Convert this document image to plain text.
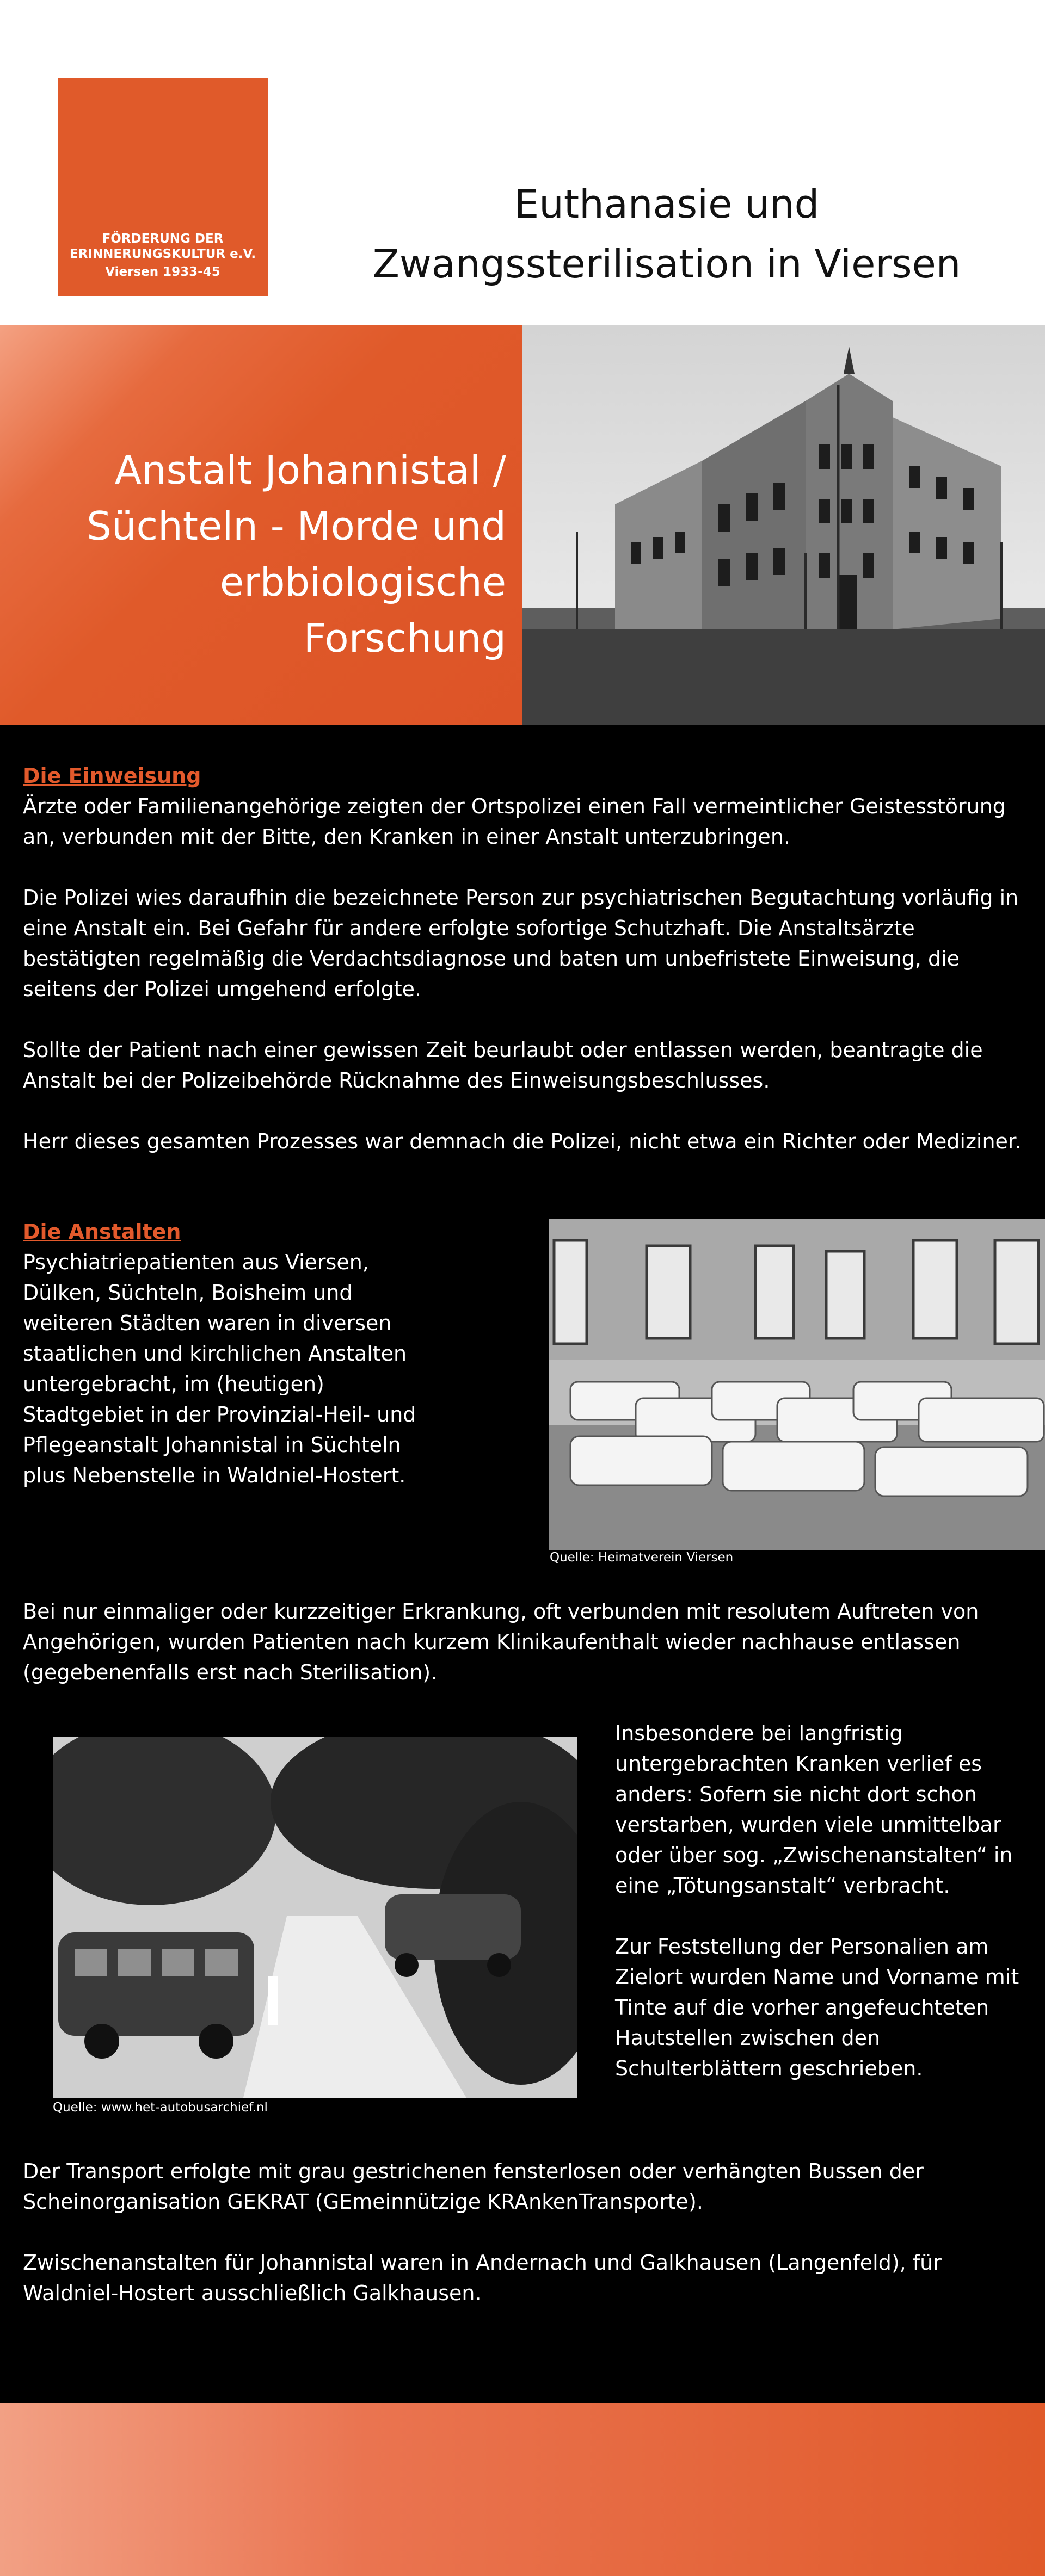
FÖRDERUNG DER
ERINNERUNGSKULTUR e.V.
Viersen 1933-45
Euthanasie und
Zwangssterilisation in Viersen
Anstalt Johannistal /
Süchteln - Morde und
erbbiologische
Forschung

Die Einweisung

Ärzte oder Familienangehörige zeigten der Ortspolizei einen Fall vermeintlicher Geistesstörung an, verbunden mit der Bitte, den Kranken in einer Anstalt unterzubringen.

Die Polizei wies daraufhin die bezeichnete Person zur psychiatrischen Begutachtung vorläufig in eine Anstalt ein. Bei Gefahr für andere erfolgte sofortige Schutzhaft. Die Anstaltsärzte bestätigten regelmäßig die Verdachtsdiagnose und baten um unbefristete Einweisung, die seitens der Polizei umgehend erfolgte.

Sollte der Patient nach einer gewissen Zeit beurlaubt oder entlassen werden, beantragte die Anstalt bei der Polizeibehörde Rücknahme des Einweisungsbeschlusses.

Herr dieses gesamten Prozesses war demnach die Polizei, nicht etwa ein Richter oder Mediziner.

Die Anstalten

Psychiatriepatienten aus Viersen, Dülken, Süchteln, Boisheim und weiteren Städten waren in diversen staatlichen und kirchlichen Anstalten untergebracht, im (heutigen) Stadtgebiet in der Provinzial-Heil- und Pflegeanstalt Johannistal in Süchteln plus Nebenstelle in Waldniel-Hostert.

Quelle: Heimatverein Viersen

Bei nur einmaliger oder kurzzeitiger Erkrankung, oft verbunden mit resolutem Auftreten von Angehörigen, wurden Patienten nach kurzem Klinikaufenthalt wieder nachhause entlassen (gegebenenfalls erst nach Sterilisation).

Quelle: www.het-autobusarchief.nl

Insbesondere bei langfristig untergebrachten Kranken verlief es anders: Sofern sie nicht dort schon verstarben, wurden viele unmittelbar oder über sog. „Zwischenanstalten“ in eine „Tötungsanstalt“ verbracht.

Zur Feststellung der Personalien am Zielort wurden Name und Vorname mit Tinte auf die vorher angefeuchteten Hautstellen zwischen den Schulterblättern geschrieben.

Der Transport erfolgte mit grau gestrichenen fensterlosen oder verhängten Bussen der Scheinorganisation GEKRAT (GEmeinnützige KRAnkenTransporte).

Zwischenanstalten für Johannistal waren in Andernach und Galkhausen (Langenfeld), für Waldniel-Hostert ausschließlich Galkhausen.
